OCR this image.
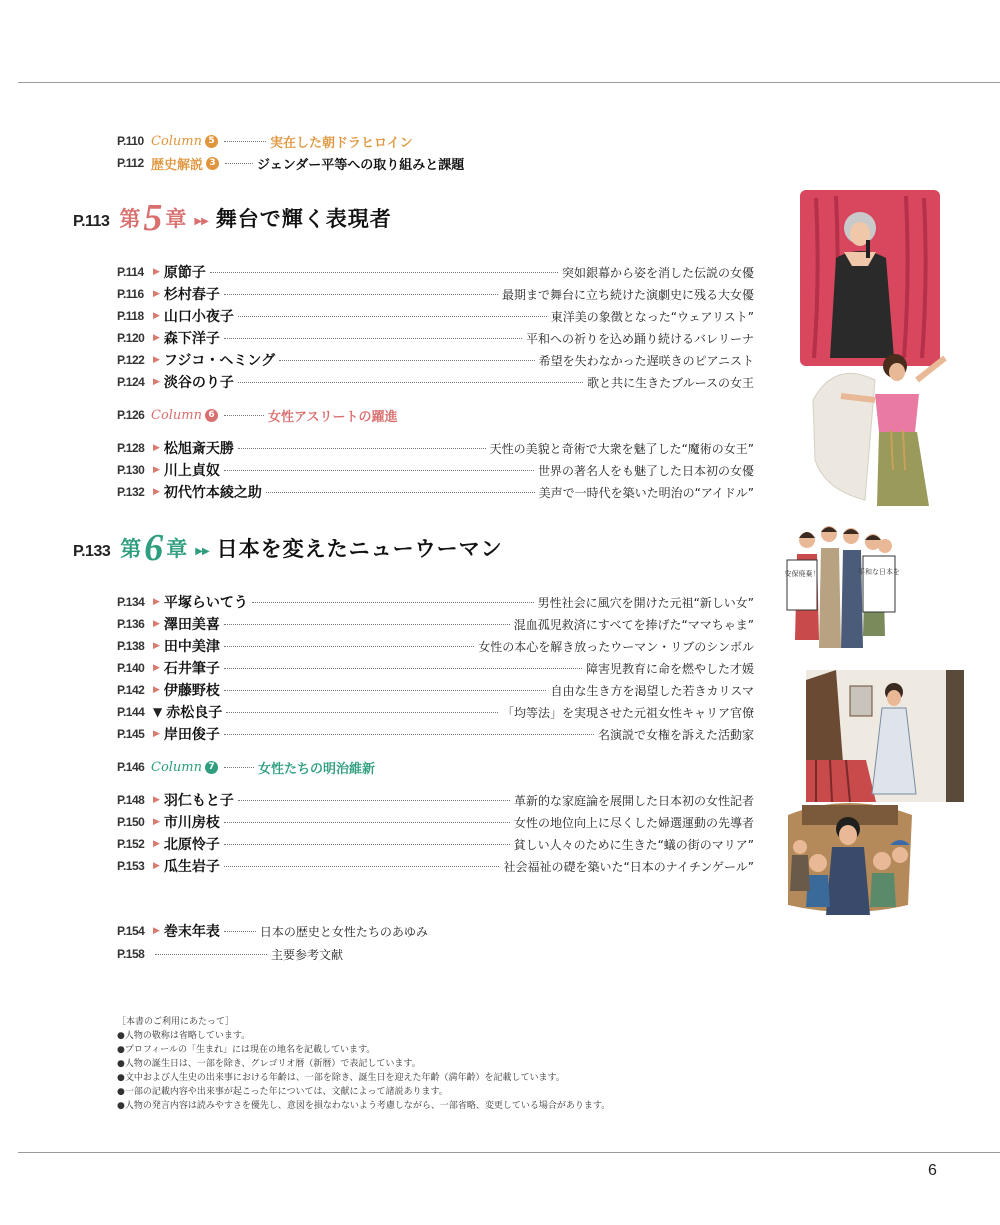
P.110 Column 5	実在した朝ドラヒロイン
P.112 歴史解説 3	ジェンダー平等への取り組みと課題
P.113 第 5 章 ▶▶ 舞台で輝く表現者
P.114	▶ 原節子	突如銀幕から姿を消した伝説の女優
P.116	▶ 杉村春子	最期まで舞台に立ち続けた演劇史に残る大女優
P.118	▶ 山口小夜子	東洋美の象徴となった“ウェアリスト”
P.120 ▶ 森下洋子	平和への祈りを込め踊り続けるバレリーナ
P.122 ▶ フジコ・ヘミング	希望を失わなかった遅咲きのピアニスト
P.124 ▶ 淡谷のり子	歌と共に生きたブルースの女王
P.126 Column 6	女性アスリートの躍進
P.128 ▶ 松旭斎天勝	天性の美貌と奇術で大衆を魅了した“魔術の女王”
P.130 ▶ 川上貞奴	世界の著名人をも魅了した日本初の女優
P.132 ▶ 初代竹本綾之助	美声で一時代を築いた明治の“アイドル”
P.133 第 6 章 ▶▶ 日本を変えたニューウーマン
P.134 ▶ 平塚らいてう	男性社会に風穴を開けた元祖“新しい女”
P.136 ▶ 澤田美喜	混血孤児救済にすべてを捧げた“ママちゃま”
P.138 ▶ 田中美津	女性の本心を解き放ったウーマン・リブのシンボル
P.140 ▶ 石井筆子	障害児教育に命を燃やした才媛
P.142 ▶ 伊藤野枝	自由な生き方を渇望した若きカリスマ
P.144 ▼ 赤松良子	「均等法」を実現させた元祖女性キャリア官僚
P.145 ▶ 岸田俊子	名演説で女権を訴えた活動家
P.146 Column 7	女性たちの明治維新
P.148 ▶ 羽仁もと子	革新的な家庭論を展開した日本初の女性記者
P.150 ▶ 市川房枝	女性の地位向上に尽くした婦選運動の先導者
P.152 ▶ 北原怜子	貧しい人々のために生きた“蟻の街のマリア”
P.153 ▶ 瓜生岩子	社会福祉の礎を築いた“日本のナイチンゲール”
P.154 ▶ 巻末年表	日本の歴史と女性たちのあゆみ
P.158	主要参考文献
［本書のご利用にあたって］
●人物の敬称は省略しています。
●プロフィールの「生まれ」には現在の地名を記載しています。
●人物の誕生日は、一部を除き、グレゴリオ暦（新暦）で表記しています。
●文中および人生史の出来事における年齢は、一部を除き、誕生日を迎えた年齢（満年齢）を記載しています。
●一部の記載内容や出来事が起こった年については、文献によって諸説あります。
●人物の発言内容は読みやすさを優先し、意図を損なわないよう考慮しながら、一部省略、変更している場合があります。
6
安保廃棄！	平和な日本を
